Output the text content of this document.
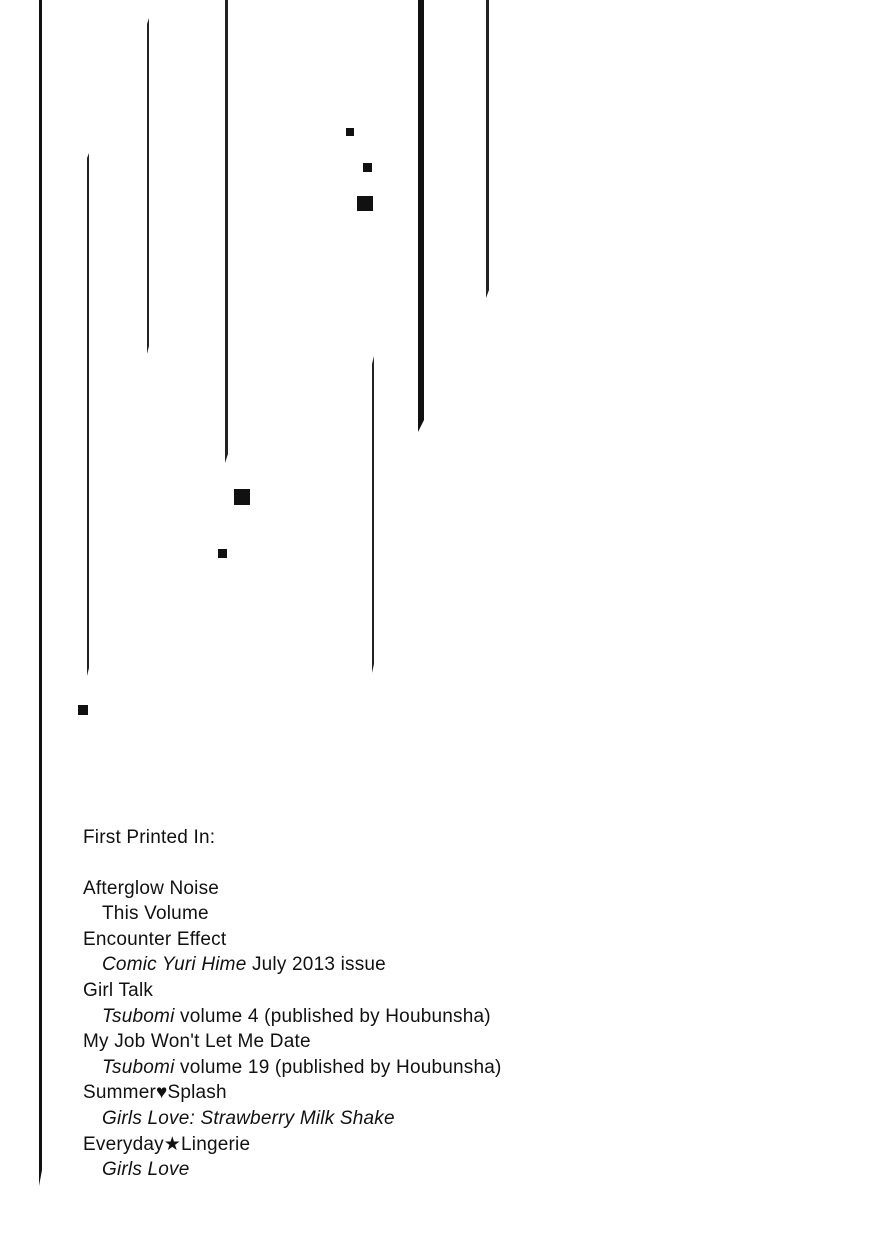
First Printed In:

Afterglow Noise

This Volume

Encounter Effect

Comic Yuri Hime July 2013 issue

Girl Talk

Tsubomi volume 4 (published by Houbunsha)

My Job Won't Let Me Date

Tsubomi volume 19 (published by Houbunsha)

Summer♥Splash

Girls Love: Strawberry Milk Shake

Everyday★Lingerie

Girls Love
